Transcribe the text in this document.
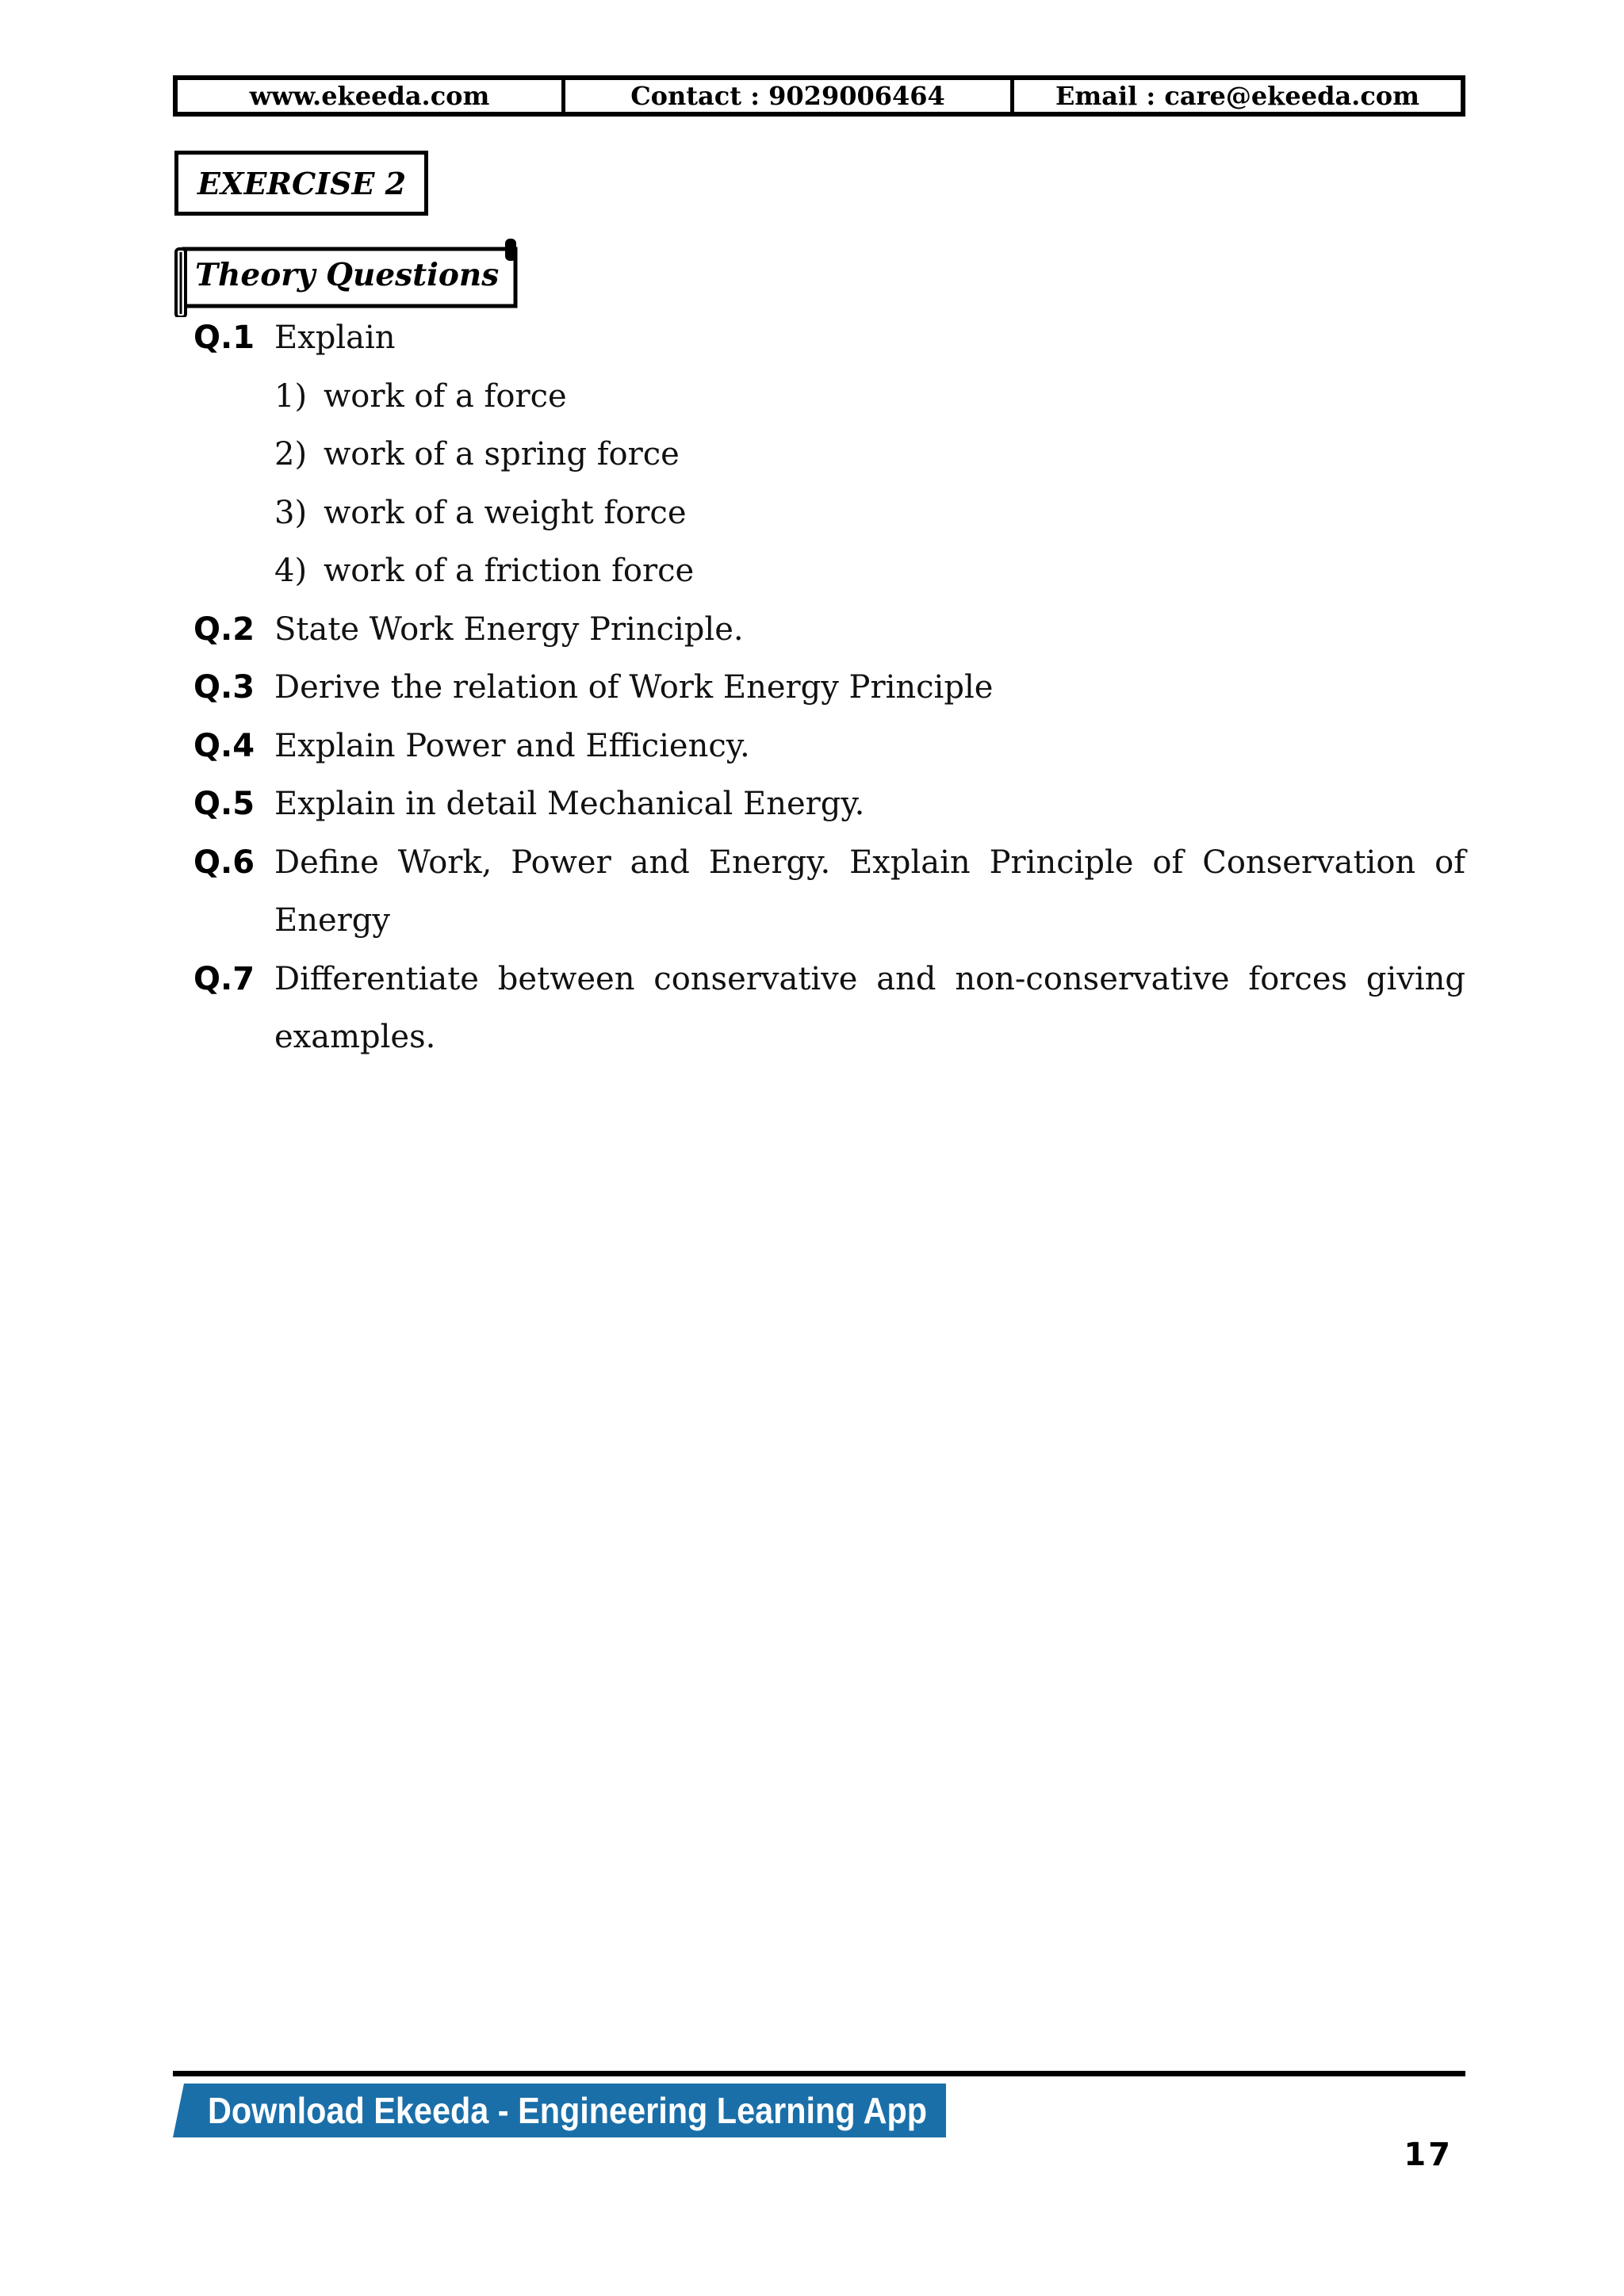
www.ekeeda.com	Contact : 9029006464	Email : care@ekeeda.com
EXERCISE 2
Theory Questions
Q.1 Explain
1) work of a force
2) work of a spring force
3) work of a weight force
4) work of a friction force
Q.2 State Work Energy Principle.
Q.3 Derive the relation of Work Energy Principle
Q.4 Explain Power and Efficiency.
Q.5 Explain in detail Mechanical Energy.
Q.6 Define Work, Power and Energy. Explain Principle of Conservation of Energy
Q.7 Differentiate between conservative and non-conservative forces giving examples.
Download Ekeeda - Engineering Learning App
17
